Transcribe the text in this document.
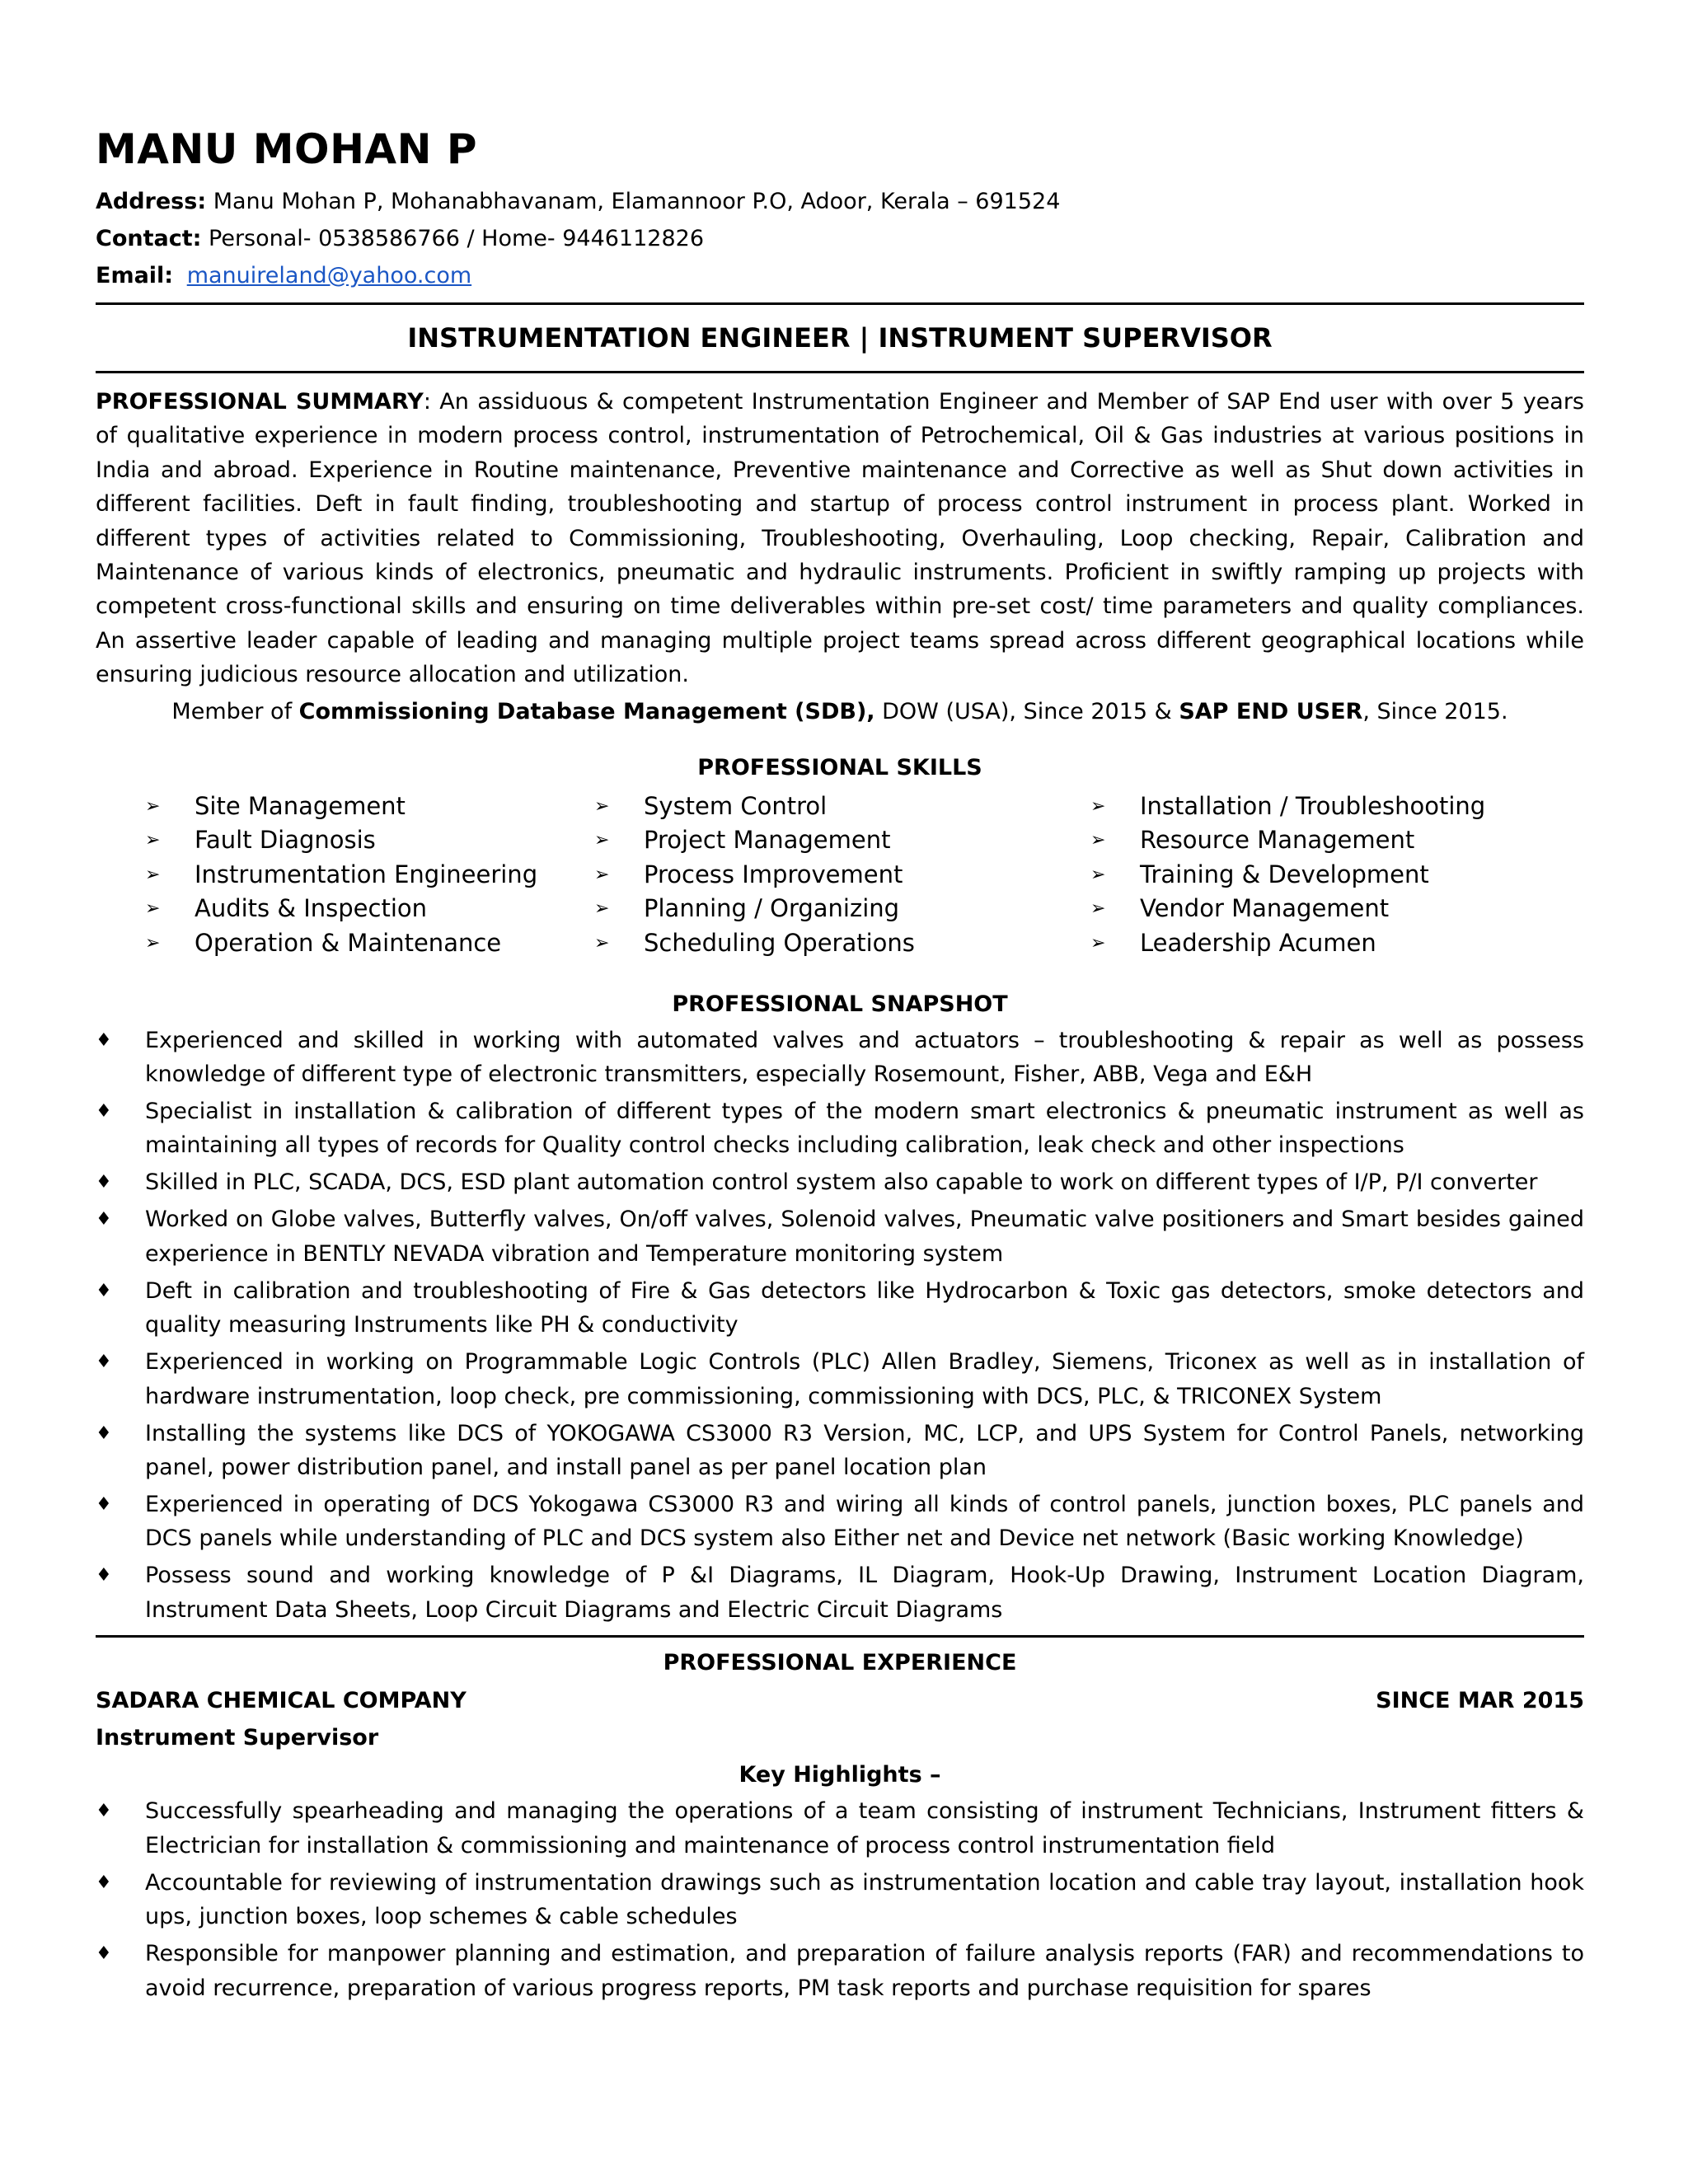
MANU MOHAN P
Address: Manu Mohan P, Mohanabhavanam, Elamannoor P.O, Adoor, Kerala – 691524
Contact: Personal- 0538586766 / Home- 9446112826
Email: manuireland@yahoo.com
INSTRUMENTATION ENGINEER | INSTRUMENT SUPERVISOR
PROFESSIONAL SUMMARY: An assiduous & competent Instrumentation Engineer and Member of SAP End user with over 5 years of qualitative experience in modern process control, instrumentation of Petrochemical, Oil & Gas industries at various positions in India and abroad. Experience in Routine maintenance, Preventive maintenance and Corrective as well as Shut down activities in different facilities. Deft in fault finding, troubleshooting and startup of process control instrument in process plant. Worked in different types of activities related to Commissioning, Troubleshooting, Overhauling, Loop checking, Repair, Calibration and Maintenance of various kinds of electronics, pneumatic and hydraulic instruments. Proficient in swiftly ramping up projects with competent cross-functional skills and ensuring on time deliverables within pre-set cost/ time parameters and quality compliances. An assertive leader capable of leading and managing multiple project teams spread across different geographical locations while ensuring judicious resource allocation and utilization.
Member of Commissioning Database Management (SDB), DOW (USA), Since 2015 & SAP END USER, Since 2015.
PROFESSIONAL SKILLS
➢	Site Management
➢	Fault Diagnosis
➢	Instrumentation Engineering
➢	Audits & Inspection
➢	Operation & Maintenance
➢	System Control
➢	Project Management
➢	Process Improvement
➢	Planning / Organizing
➢	Scheduling Operations
➢	Installation / Troubleshooting
➢	Resource Management
➢	Training & Development
➢	Vendor Management
➢	Leadership Acumen
PROFESSIONAL SNAPSHOT
♦ Experienced and skilled in working with automated valves and actuators – troubleshooting & repair as well as possess knowledge of different type of electronic transmitters, especially Rosemount, Fisher, ABB, Vega and E&H
♦ Specialist in installation & calibration of different types of the modern smart electronics & pneumatic instrument as well as maintaining all types of records for Quality control checks including calibration, leak check and other inspections
♦ Skilled in PLC, SCADA, DCS, ESD plant automation control system also capable to work on different types of I/P, P/I converter
♦ Worked on Globe valves, Butterfly valves, On/off valves, Solenoid valves, Pneumatic valve positioners and Smart besides gained experience in BENTLY NEVADA vibration and Temperature monitoring system
♦ Deft in calibration and troubleshooting of Fire & Gas detectors like Hydrocarbon & Toxic gas detectors, smoke detectors and quality measuring Instruments like PH & conductivity
♦ Experienced in working on Programmable Logic Controls (PLC) Allen Bradley, Siemens, Triconex as well as in installation of hardware instrumentation, loop check, pre commissioning, commissioning with DCS, PLC, & TRICONEX System
♦ Installing the systems like DCS of YOKOGAWA CS3000 R3 Version, MC, LCP, and UPS System for Control Panels, networking panel, power distribution panel, and install panel as per panel location plan
♦ Experienced in operating of DCS Yokogawa CS3000 R3 and wiring all kinds of control panels, junction boxes, PLC panels and DCS panels while understanding of PLC and DCS system also Either net and Device net network (Basic working Knowledge)
♦ Possess sound and working knowledge of P &I Diagrams, IL Diagram, Hook-Up Drawing, Instrument Location Diagram, Instrument Data Sheets, Loop Circuit Diagrams and Electric Circuit Diagrams
PROFESSIONAL EXPERIENCE
SADARA CHEMICAL COMPANY	SINCE MAR 2015
Instrument Supervisor
Key Highlights –
♦ Successfully spearheading and managing the operations of a team consisting of instrument Technicians, Instrument fitters & Electrician for installation & commissioning and maintenance of process control instrumentation field
♦ Accountable for reviewing of instrumentation drawings such as instrumentation location and cable tray layout, installation hook ups, junction boxes, loop schemes & cable schedules
♦ Responsible for manpower planning and estimation, and preparation of failure analysis reports (FAR) and recommendations to avoid recurrence, preparation of various progress reports, PM task reports and purchase requisition for spares
